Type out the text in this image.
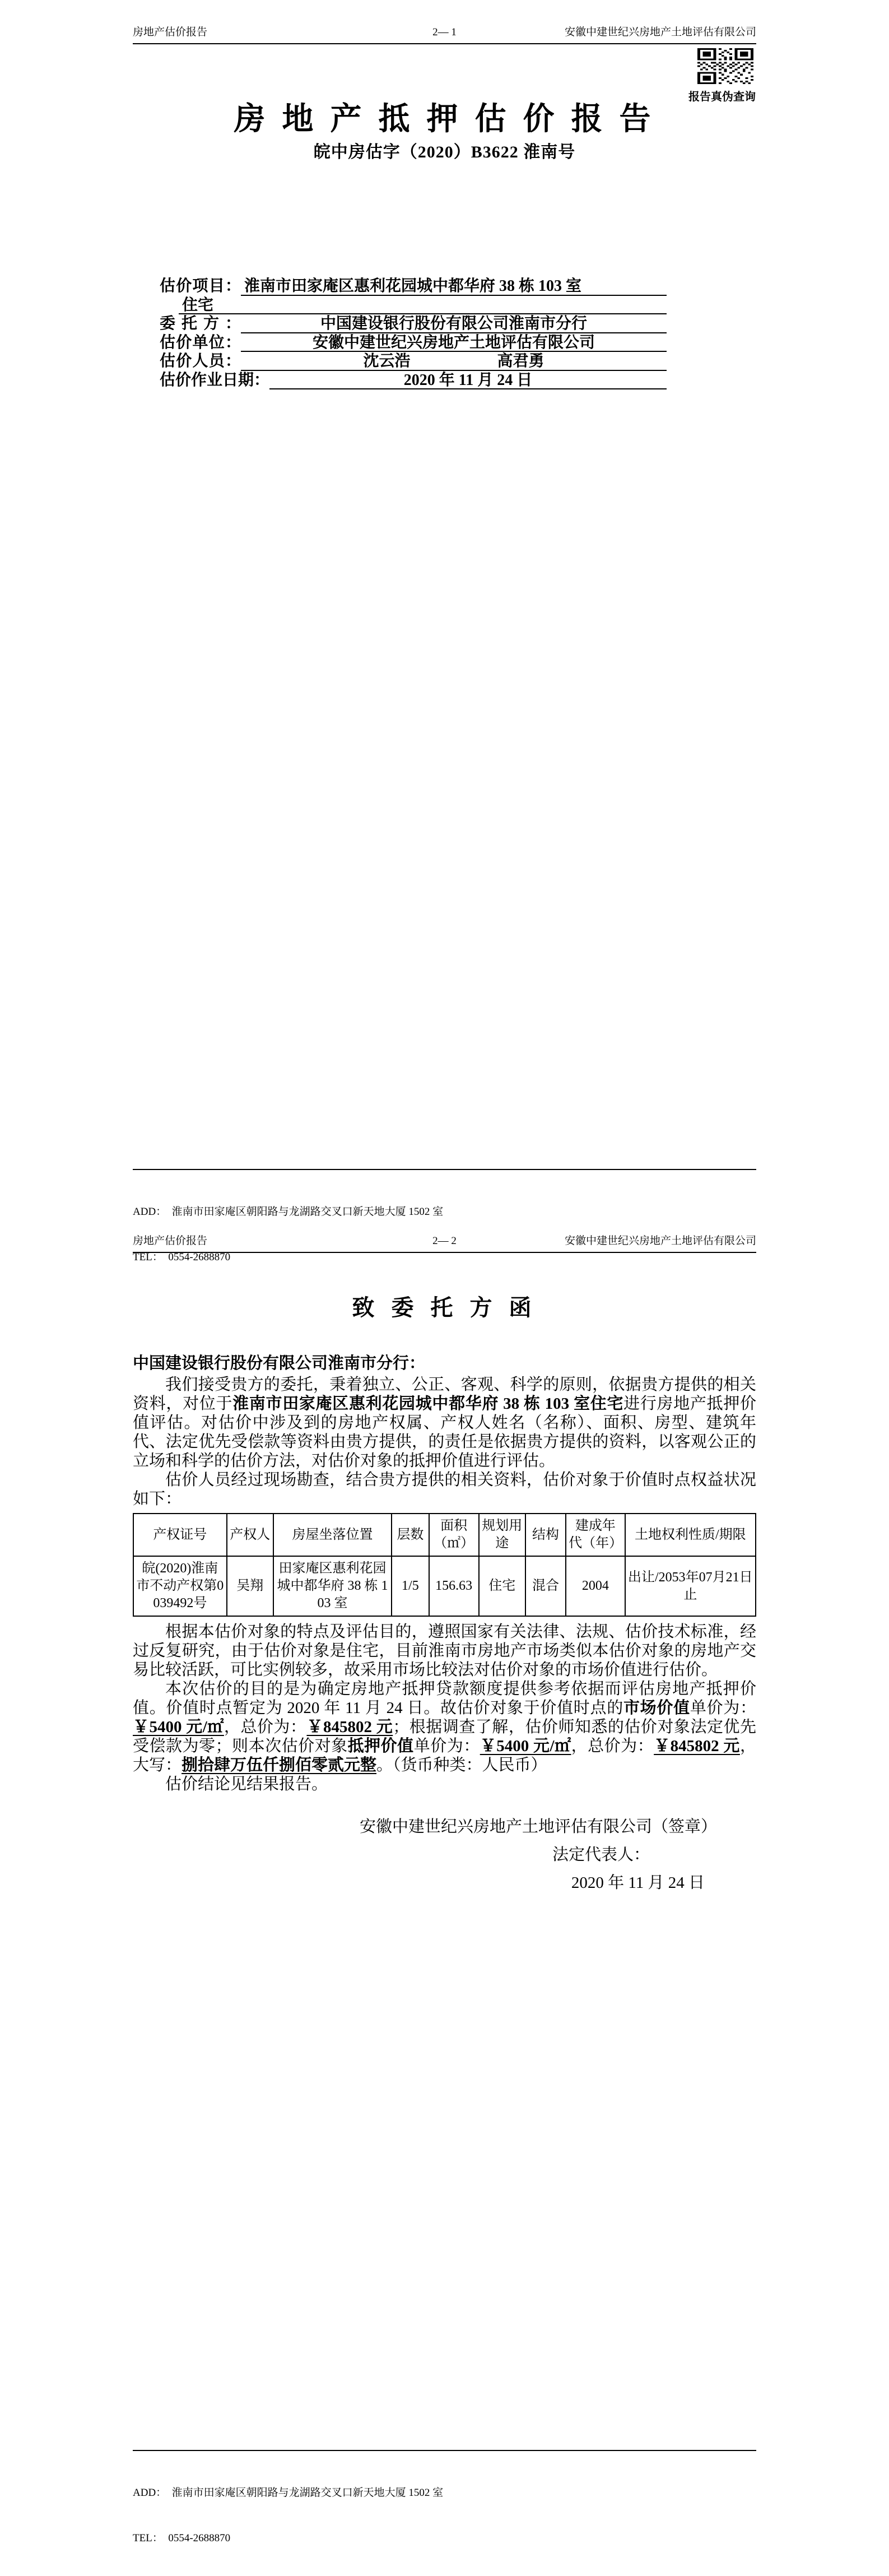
房地产估价报告	2— 1	安徽中建世纪兴房地产土地评估有限公司
报告真伪查询
房 地 产 抵 押 估 价 报 告
皖中房估字（2020）B3622 淮南号
估价项目： 淮南市田家庵区惠利花园城中都华府 38 栋 103 室
住宅
委托方：	中国建设银行股份有限公司淮南市分行
估价单位：	安徽中建世纪兴房地产土地评估有限公司
估价人员：	沈云浩	高君勇
估价作业日期：	2020 年 11 月 24 日

ADD：  淮南市田家庵区朝阳路与龙湖路交叉口新天地大厦 1502 室

TEL：  0554-2688870

房地产估价报告	2— 2	安徽中建世纪兴房地产土地评估有限公司
致 委 托 方 函
中国建设银行股份有限公司淮南市分行：

我们接受贵方的委托，秉着独立、公正、客观、科学的原则，依据贵方提供的相关资料，对位于淮南市田家庵区惠利花园城中都华府 38 栋 103 室住宅进行房地产抵押价值评估。对估价中涉及到的房地产权属、产权人姓名（名称）、面积、房型、建筑年代、法定优先受偿款等资料由贵方提供，的责任是依据贵方提供的资料，以客观公正的立场和科学的估价方法，对估价对象的抵押价值进行评估。

估价人员经过现场勘查，结合贵方提供的相关资料，估价对象于价值时点权益状况如下：

产权证号	产权人	房屋坐落位置	层数	面积（㎡）	规划用途	结构	建成年代（年）	土地权利性质/期限
皖(2020)淮南市不动产权第0039492号	吴翔	田家庵区惠利花园城中都华府 38 栋 103 室	1/5	156.63	住宅	混合	2004	出让/2053年07月21日止

根据本估价对象的特点及评估目的，遵照国家有关法律、法规、估价技术标准，经过反复研究，由于估价对象是住宅，目前淮南市房地产市场类似本估价对象的房地产交易比较活跃，可比实例较多，故采用市场比较法对估价对象的市场价值进行估价。

本次估价的目的是为确定房地产抵押贷款额度提供参考依据而评估房地产抵押价值。价值时点暂定为 2020 年 11 月 24 日。故估价对象于价值时点的市场价值单价为：￥5400 元/㎡，总价为：￥845802 元；根据调查了解，估价师知悉的估价对象法定优先受偿款为零；则本次估价对象抵押价值单价为：￥5400 元/㎡，总价为：￥845802 元，大写：捌拾肆万伍仟捌佰零贰元整。（货币种类：人民币）

估价结论见结果报告。

安徽中建世纪兴房地产土地评估有限公司（签章）
法定代表人：
2020 年 11 月 24 日

ADD：  淮南市田家庵区朝阳路与龙湖路交叉口新天地大厦 1502 室

TEL：  0554-2688870
